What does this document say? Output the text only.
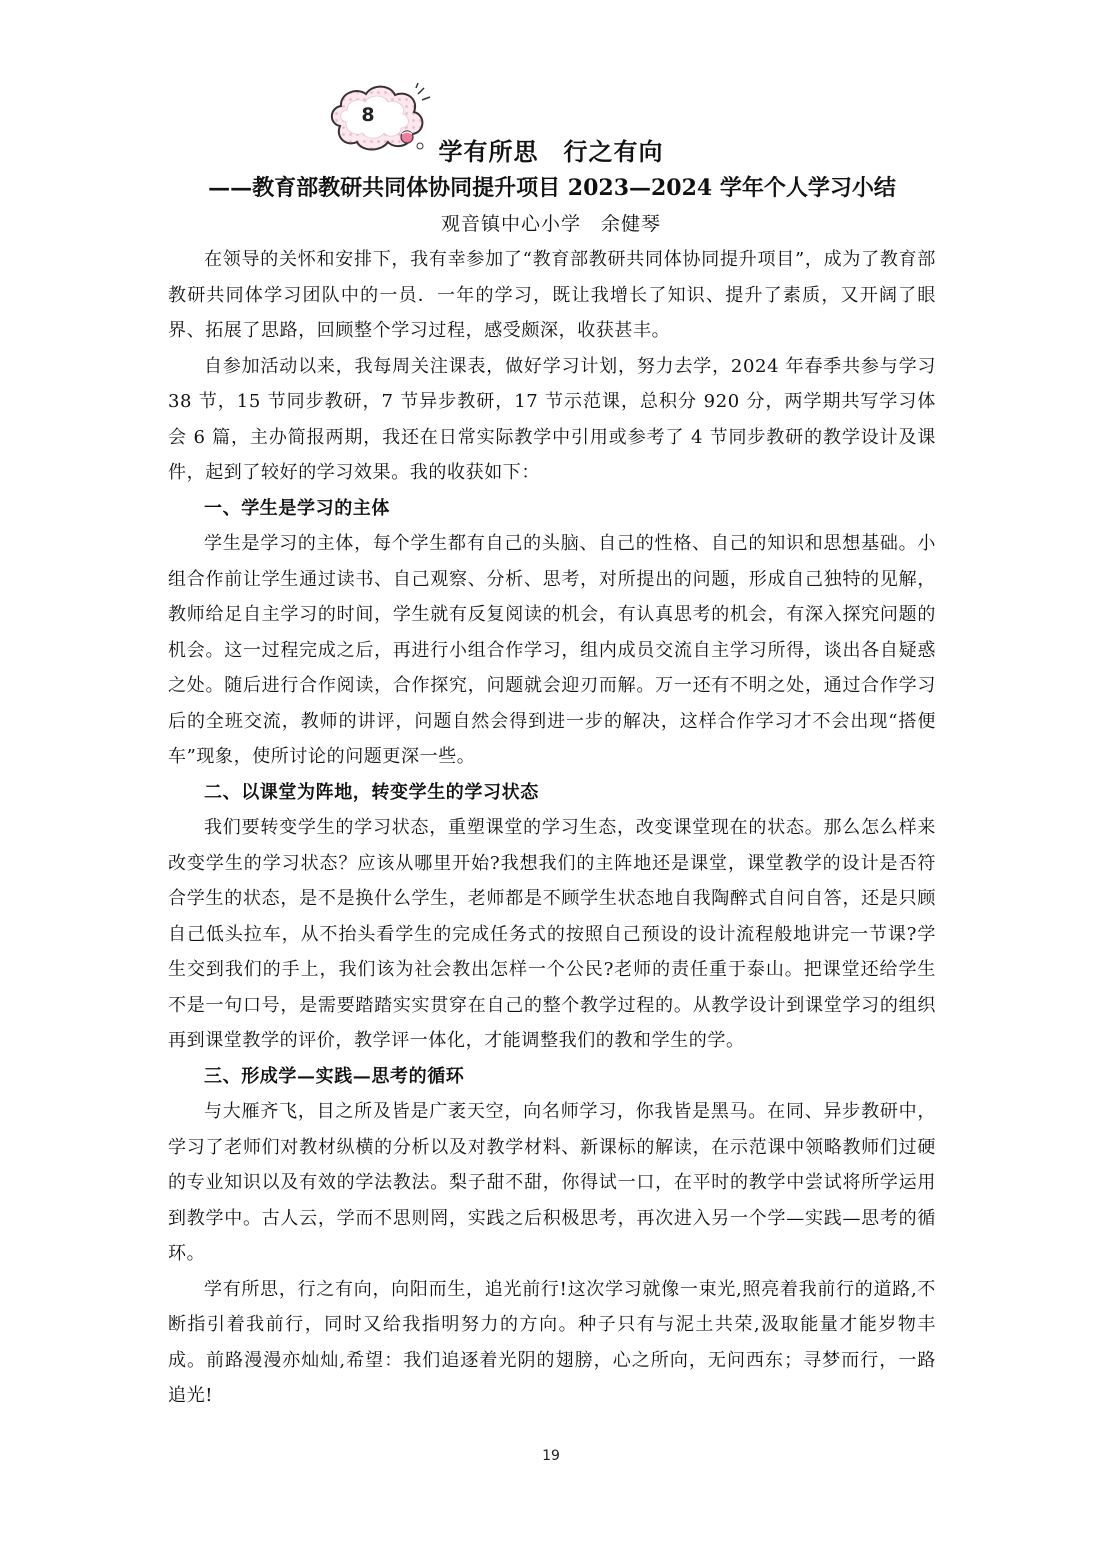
8
学有所思　行之有向
——教育部教研共同体协同提升项目 2023—2024 学年个人学习小结
观音镇中心小学　余健琴

在领导的关怀和安排下，我有幸参加了“教育部教研共同体协同提升项目”，成为了教育部教研共同体学习团队中的一员．一年的学习，既让我增长了知识、提升了素质，又开阔了眼界、拓展了思路，回顾整个学习过程，感受颇深，收获甚丰。

自参加活动以来，我每周关注课表，做好学习计划，努力去学，2024 年春季共参与学习 38 节，15 节同步教研，7 节异步教研，17 节示范课，总积分 920 分，两学期共写学习体会 6 篇，主办简报两期，我还在日常实际教学中引用或参考了 4 节同步教研的教学设计及课件，起到了较好的学习效果。我的收获如下：

一、学生是学习的主体

学生是学习的主体，每个学生都有自己的头脑、自己的性格、自己的知识和思想基础。小组合作前让学生通过读书、自己观察、分析、思考，对所提出的问题，形成自己独特的见解，教师给足自主学习的时间，学生就有反复阅读的机会，有认真思考的机会，有深入探究问题的机会。这一过程完成之后，再进行小组合作学习，组内成员交流自主学习所得，谈出各自疑惑之处。随后进行合作阅读，合作探究，问题就会迎刃而解。万一还有不明之处，通过合作学习后的全班交流，教师的讲评，问题自然会得到进一步的解决，这样合作学习才不会出现“搭便车”现象，使所讨论的问题更深一些。

二、以课堂为阵地，转变学生的学习状态

我们要转变学生的学习状态，重塑课堂的学习生态，改变课堂现在的状态。那么怎么样来改变学生的学习状态？应该从哪里开始?我想我们的主阵地还是课堂，课堂教学的设计是否符合学生的状态，是不是换什么学生，老师都是不顾学生状态地自我陶醉式自问自答，还是只顾自己低头拉车，从不抬头看学生的完成任务式的按照自己预设的设计流程般地讲完一节课?学生交到我们的手上，我们该为社会教出怎样一个公民?老师的责任重于泰山。把课堂还给学生不是一句口号，是需要踏踏实实贯穿在自己的整个教学过程的。从教学设计到课堂学习的组织再到课堂教学的评价，教学评一体化，才能调整我们的教和学生的学。

三、形成学—实践—思考的循环

与大雁齐飞，目之所及皆是广袤天空，向名师学习，你我皆是黑马。在同、异步教研中，学习了老师们对教材纵横的分析以及对教学材料、新课标的解读，在示范课中领略教师们过硬的专业知识以及有效的学法教法。梨子甜不甜，你得试一口，在平时的教学中尝试将所学运用到教学中。古人云，学而不思则罔，实践之后积极思考，再次进入另一个学—实践—思考的循环。

学有所思，行之有向，向阳而生，追光前行!这次学习就像一束光,照亮着我前行的道路,不断指引着我前行，同时又给我指明努力的方向。种子只有与泥土共荣,汲取能量才能岁物丰成。前路漫漫亦灿灿,希望：我们追逐着光阴的翅膀，心之所向，无问西东；寻梦而行，一路追光!

19
